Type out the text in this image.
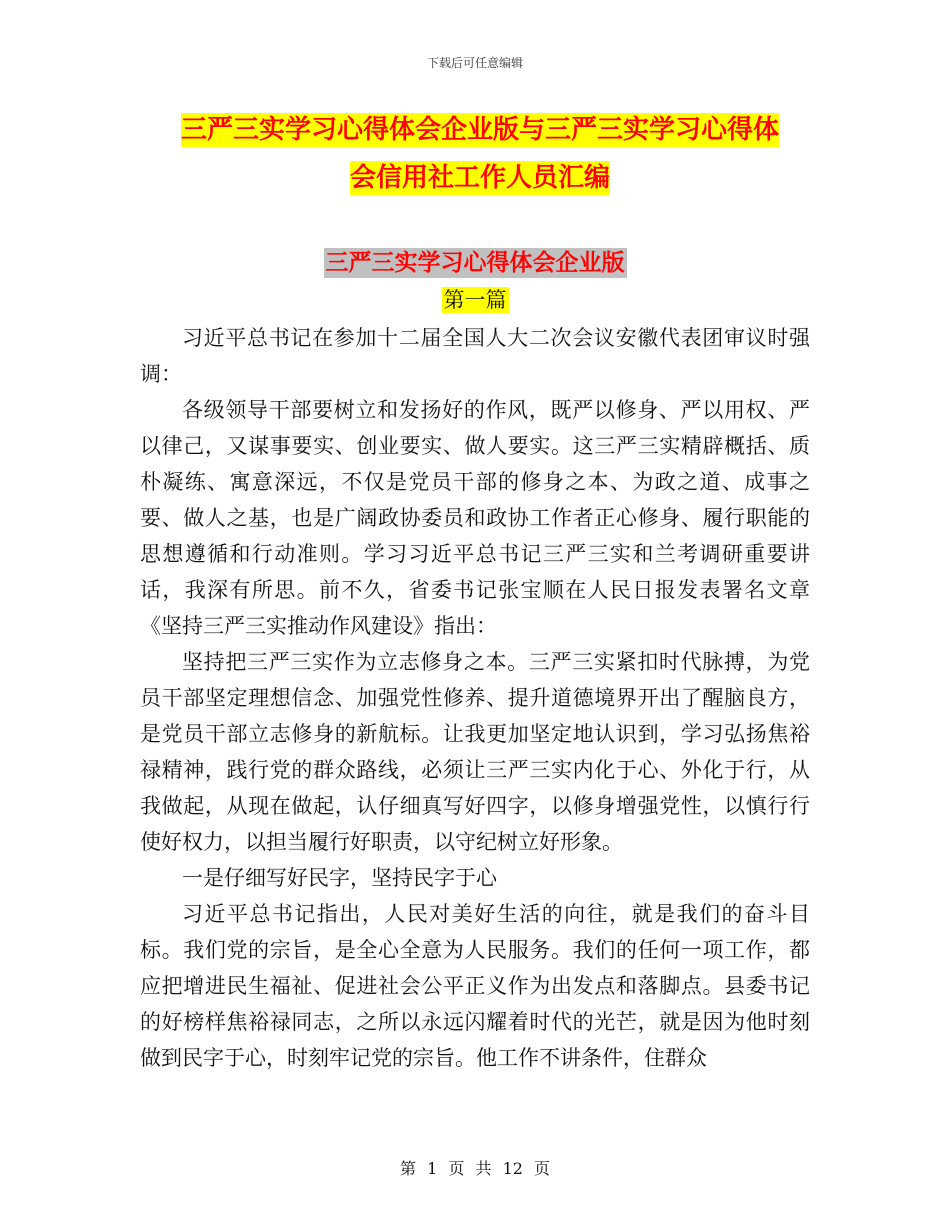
下载后可任意编辑
三严三实学习心得体会企业版与三严三实学习心得体
会信用社工作人员汇编
三严三实学习心得体会企业版
第一篇

习近平总书记在参加十二届全国人大二次会议安徽代表团审议时强调：

各级领导干部要树立和发扬好的作风，既严以修身、严以用权、严以律己，又谋事要实、创业要实、做人要实。这三严三实精辟概括、质朴凝练、寓意深远，不仅是党员干部的修身之本、为政之道、成事之要、做人之基，也是广阔政协委员和政协工作者正心修身、履行职能的思想遵循和行动准则。学习习近平总书记三严三实和兰考调研重要讲话，我深有所思。前不久，省委书记张宝顺在人民日报发表署名文章《坚持三严三实推动作风建设》指出：

坚持把三严三实作为立志修身之本。三严三实紧扣时代脉搏，为党员干部坚定理想信念、加强党性修养、提升道德境界开出了醒脑良方，是党员干部立志修身的新航标。让我更加坚定地认识到，学习弘扬焦裕禄精神，践行党的群众路线，必须让三严三实内化于心、外化于行，从我做起，从现在做起，认仔细真写好四字，以修身增强党性，以慎行行使好权力，以担当履行好职责，以守纪树立好形象。

一是仔细写好民字，坚持民字于心

习近平总书记指出，人民对美好生活的向往，就是我们的奋斗目标。我们党的宗旨，是全心全意为人民服务。我们的任何一项工作，都应把增进民生福祉、促进社会公平正义作为出发点和落脚点。县委书记的好榜样焦裕禄同志，之所以永远闪耀着时代的光芒，就是因为他时刻做到民字于心，时刻牢记党的宗旨。他工作不讲条件，住群众

第 1 页 共 12 页
